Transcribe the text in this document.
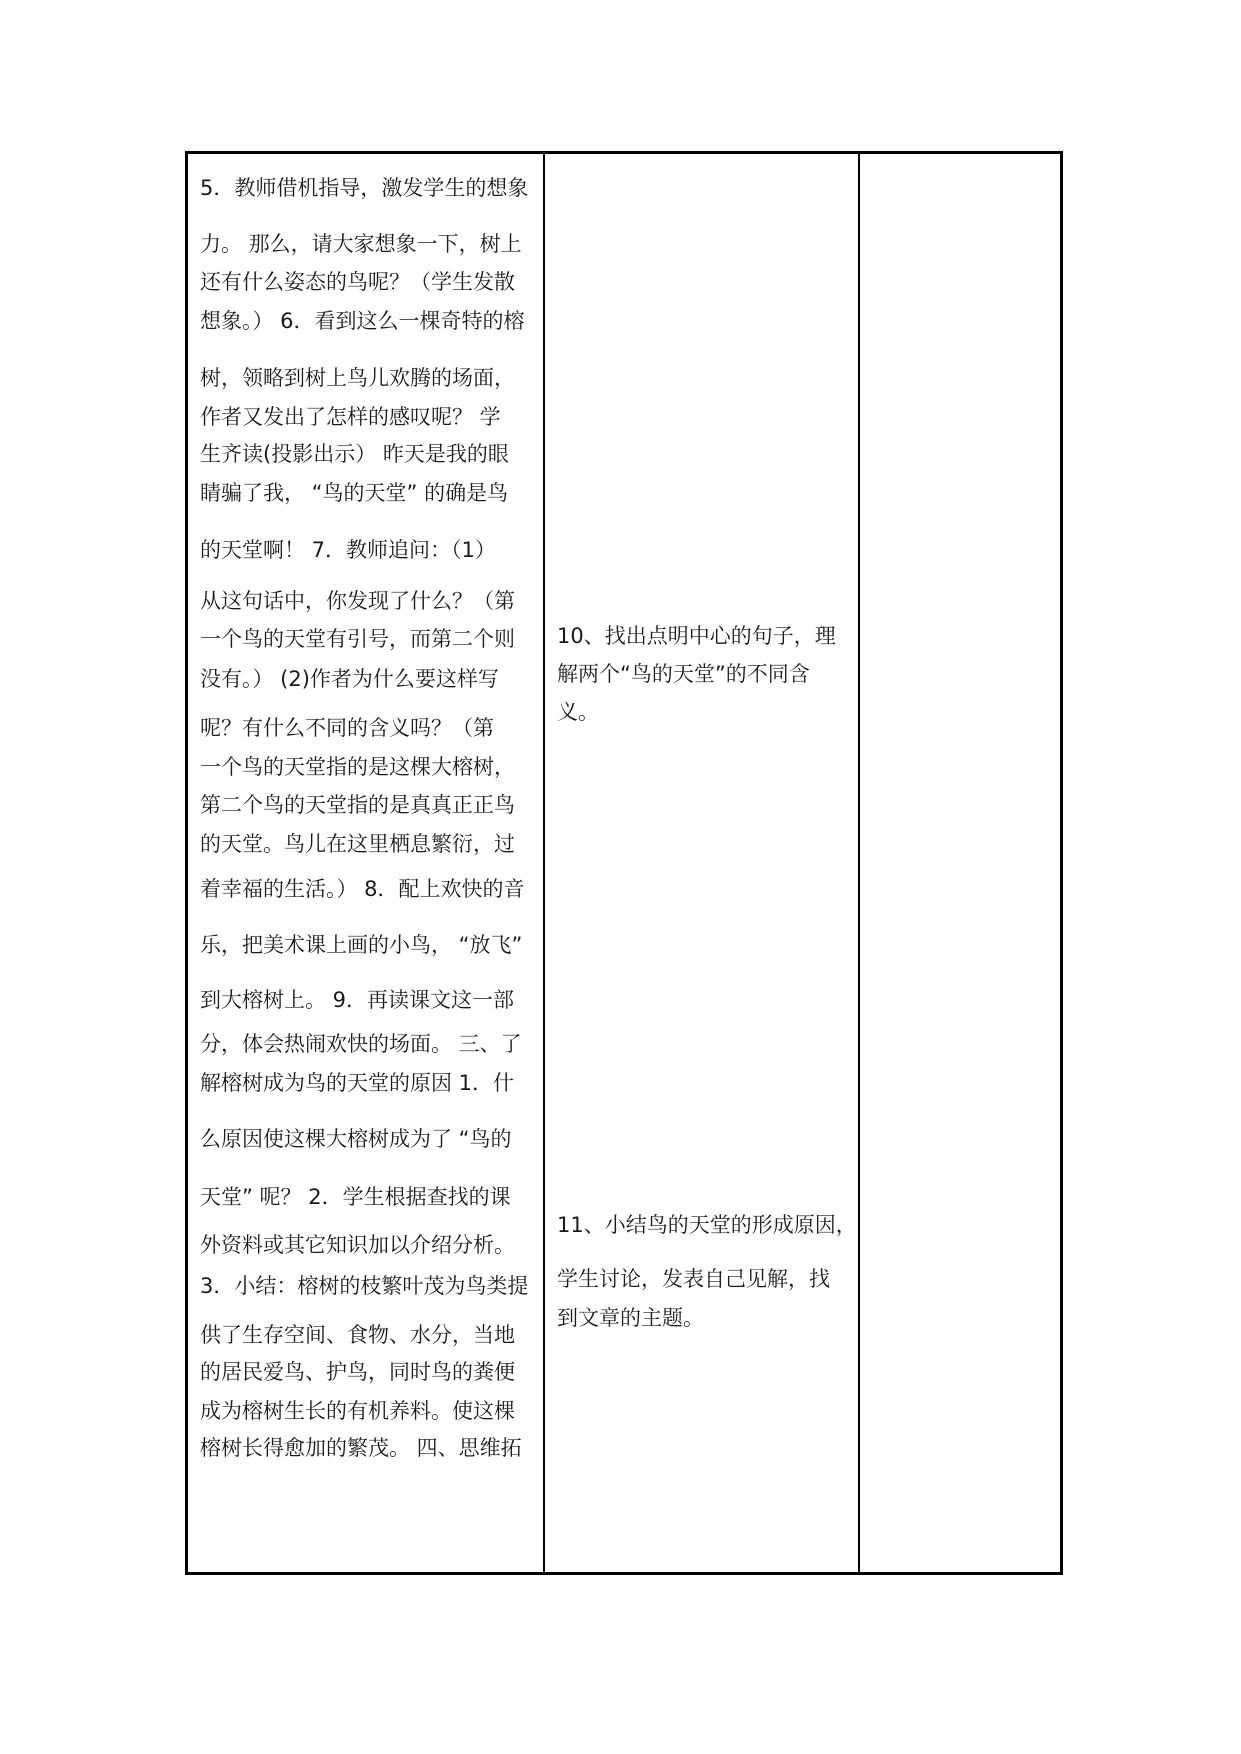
5．教师借机指导，激发学生的想象
力。 那么，请大家想象一下，树上
还有什么姿态的鸟呢？（学生发散
想象。） 6．看到这么一棵奇特的榕
树，领略到树上鸟儿欢腾的场面，
作者又发出了怎样的感叹呢？ 学
生齐读(投影出示） 昨天是我的眼
睛骗了我， “鸟的天堂” 的确是鸟
的天堂啊！ 7．教师追问：（1）
从这句话中，你发现了什么？（第
一个鸟的天堂有引号，而第二个则
没有。） (2)作者为什么要这样写
呢？有什么不同的含义吗？（第
一个鸟的天堂指的是这棵大榕树，
第二个鸟的天堂指的是真真正正鸟
的天堂。鸟儿在这里栖息繁衍，过
着幸福的生活。） 8．配上欢快的音
乐，把美术课上画的小鸟， “放飞”
到大榕树上。 9．再读课文这一部
分，体会热闹欢快的场面。 三、了
解榕树成为鸟的天堂的原因 1．什
么原因使这棵大榕树成为了 “鸟的
天堂” 呢？ 2．学生根据查找的课
外资料或其它知识加以介绍分析。
3．小结：榕树的枝繁叶茂为鸟类提
供了生存空间、食物、水分，当地
的居民爱鸟、护鸟，同时鸟的粪便
成为榕树生长的有机养料。使这棵
榕树长得愈加的繁茂。 四、思维拓
10、找出点明中心的句子，理
解两个“鸟的天堂”的不同含
义。
11、小结鸟的天堂的形成原因，
学生讨论，发表自己见解，找
到文章的主题。
